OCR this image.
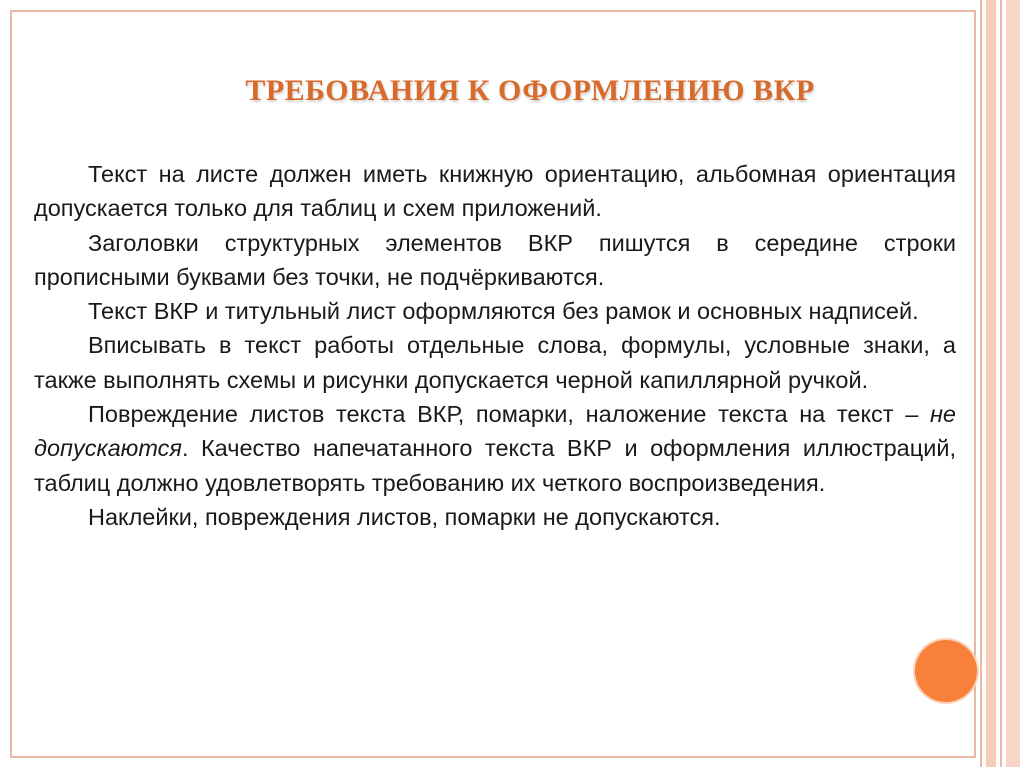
ТРЕБОВАНИЯ К ОФОРМЛЕНИЮ ВКР

Текст на листе должен иметь книжную ориентацию, альбомная ориентация допускается только для таблиц и схем приложений.

Заголовки структурных элементов ВКР пишутся в середине строки прописными буквами без точки, не подчёркиваются.

Текст ВКР и титульный лист оформляются без рамок и основных надписей.

Вписывать в текст работы отдельные слова, формулы, условные знаки, а также выполнять схемы и рисунки допускается черной капиллярной ручкой.

Повреждение листов текста ВКР, помарки, наложение текста на текст – не допускаются. Качество напечатанного текста ВКР и оформления иллюстраций, таблиц должно удовлетворять требованию их четкого воспроизведения.

Наклейки, повреждения листов, помарки не допускаются.
